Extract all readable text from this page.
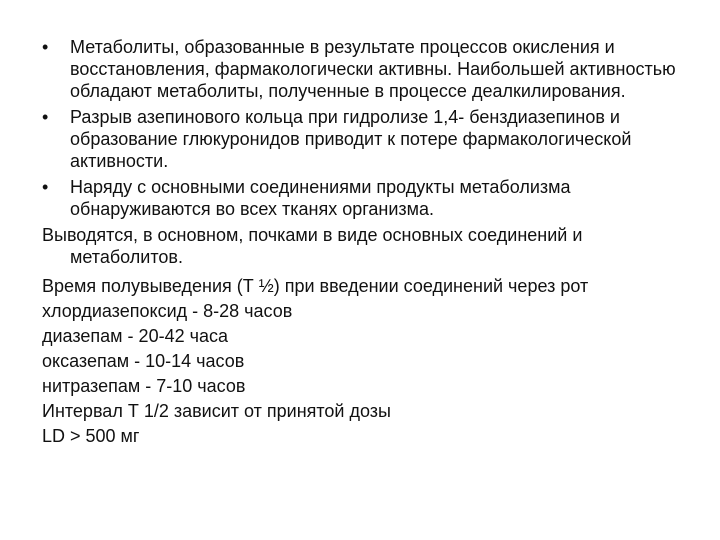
•	Метаболиты, образованные в результате процессов окисления и восстановления, фармакологически активны. Наибольшей активностью обладают метаболиты, полученные в процессе деалкилирования.
•	Разрыв азепинового кольца при гидролизе 1,4- бенздиазепинов и образование глюкуронидов приводит к потере фармакологической активности.
•	Наряду с основными соединениями продукты метаболизма обнаруживаются во всех тканях организма.

Выводятся, в основном, почками в виде основных соединений и метаболитов.

Время полувыведения (Т ½) при введении соединений через рот

хлордиазепоксид - 8-28 часов

диазепам - 20-42 часа

оксазепам - 10-14 часов

нитразепам - 7-10 часов

Интервал Т 1/2 зависит от принятой дозы

LD > 500 мг
